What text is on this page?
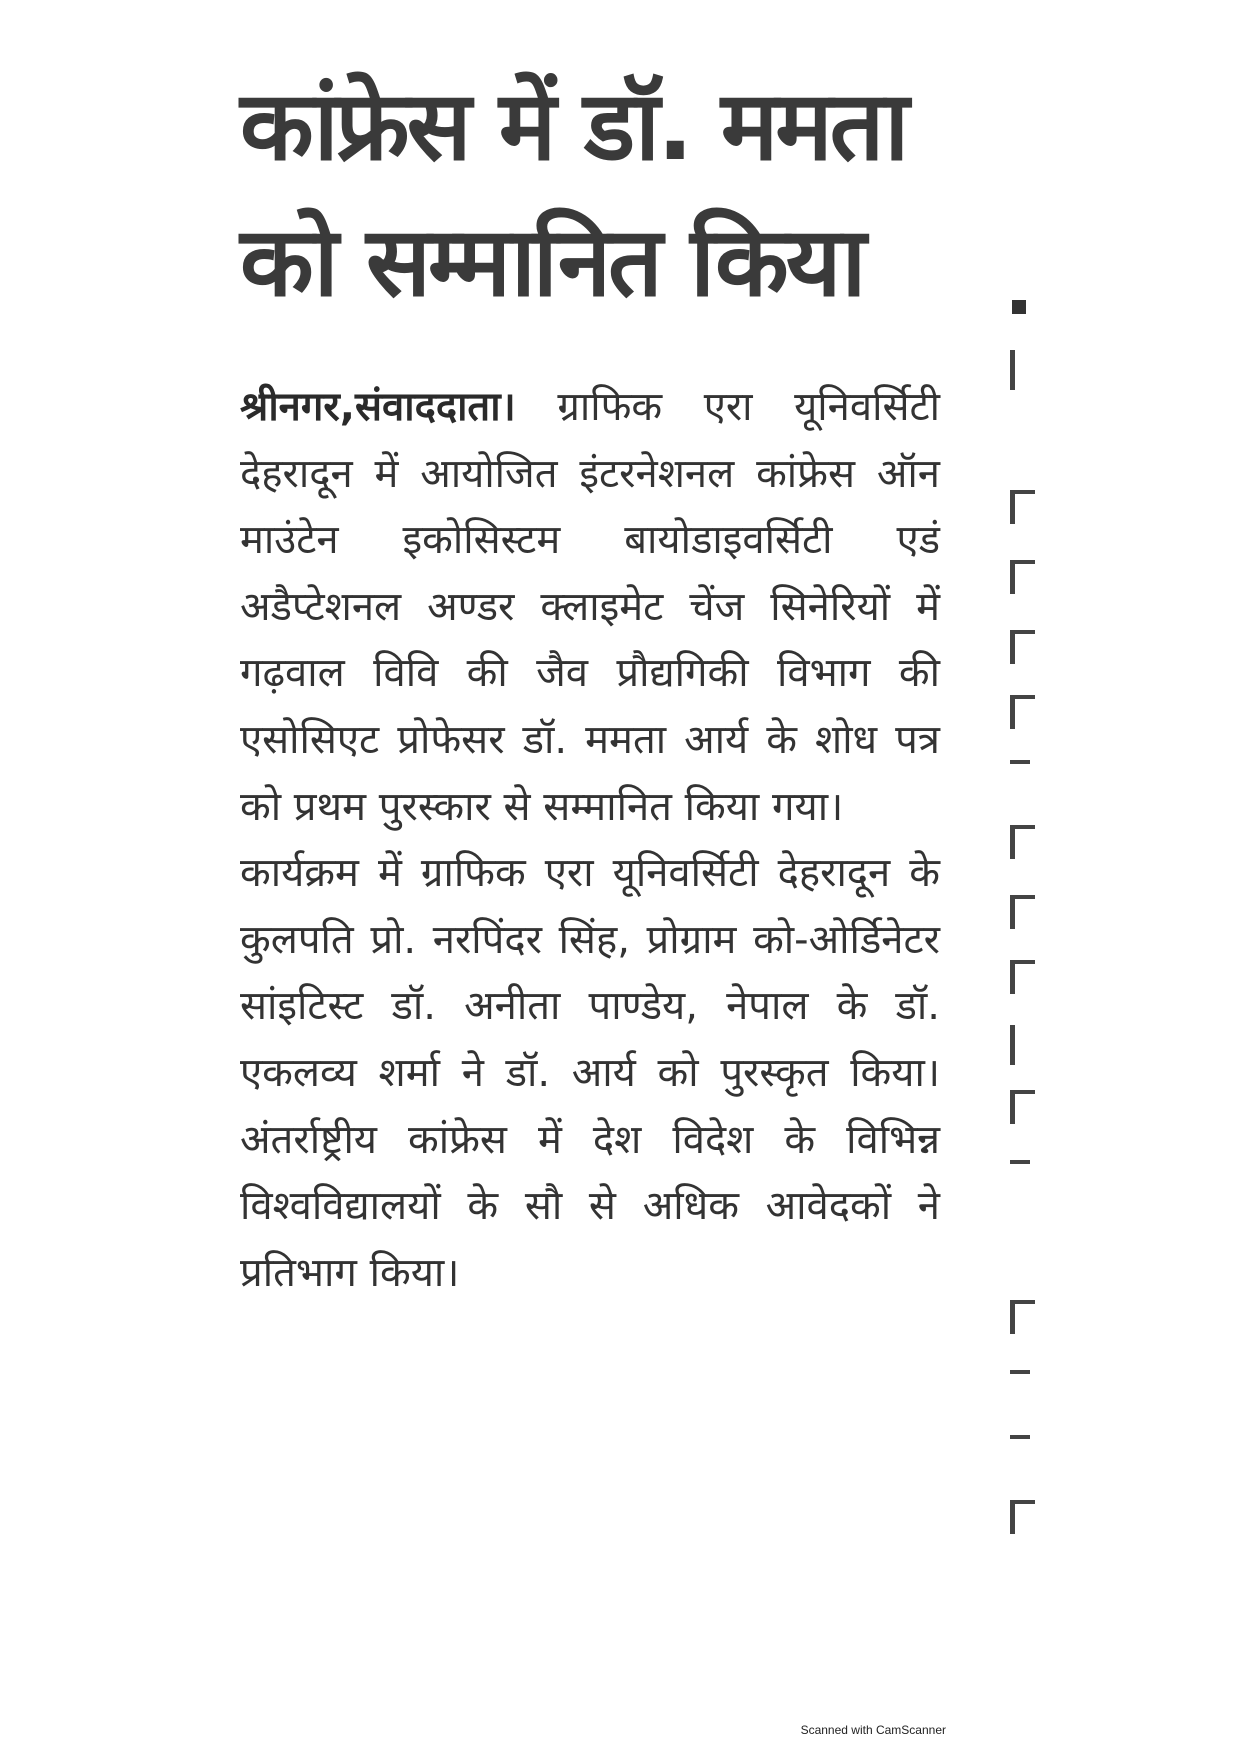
कांफ्रेस में डॉ. ममता
को सम्मानित किया

श्रीनगर,संवाददाता। ग्राफिक एरा यूनिवर्सिटी देहरादून में आयोजित इंटरनेशनल कांफ्रेस ऑन माउंटेन इकोसिस्टम बायोडाइवर्सिटी एडं अडैप्टेशनल अण्डर क्लाइमेट चेंज सिनेरियों में गढ़वाल विवि की जैव प्रौद्यगिकी विभाग की एसोसिएट प्रोफेसर डॉ. ममता आर्य के शोध पत्र को प्रथम पुरस्कार से सम्मानित किया गया।

कार्यक्रम में ग्राफिक एरा यूनिवर्सिटी देहरादून के कुलपति प्रो. नरपिंदर सिंह, प्रोग्राम को-ओर्डिनेटर सांइटिस्ट डॉ. अनीता पाण्डेय, नेपाल के डॉ. एकलव्य शर्मा ने डॉ. आर्य को पुरस्कृत किया। अंतर्राष्ट्रीय कांफ्रेस में देश विदेश के विभिन्न विश्वविद्यालयों के सौ से अधिक आवेदकों ने प्रतिभाग किया।

Scanned with CamScanner
